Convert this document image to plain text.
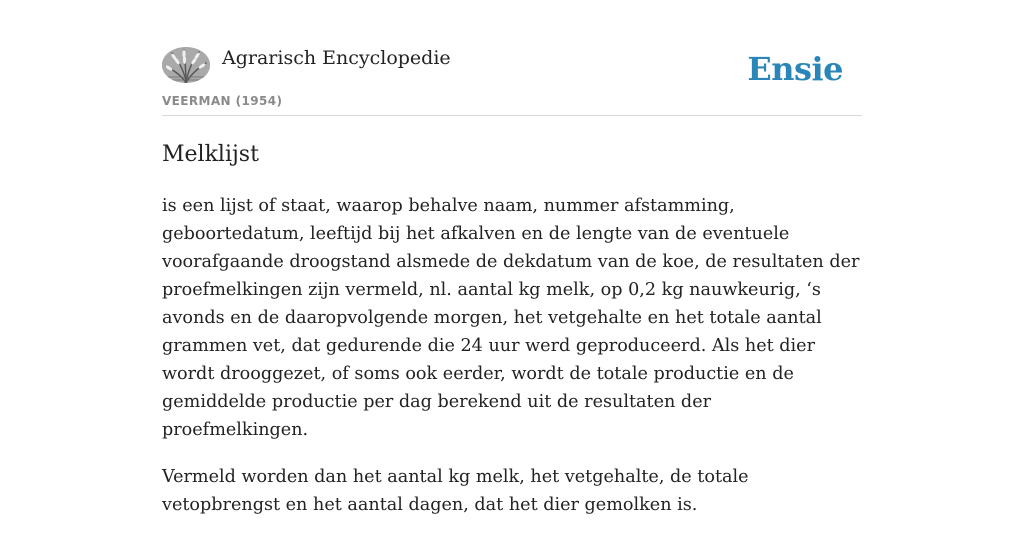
Agrarisch Encyclopedie
VEERMAN (1954)
Ensie
Melklijst

is een lijst of staat, waarop behalve naam, nummer afstamming, geboortedatum, leeftijd bij het afkalven en de lengte van de eventuele voorafgaande droogstand alsmede de dekdatum van de koe, de resultaten der proefmelkingen zijn vermeld, nl. aantal kg melk, op 0,2 kg nauwkeurig, ‘s avonds en de daaropvolgende morgen, het vetgehalte en het totale aantal grammen vet, dat gedurende die 24 uur werd geproduceerd. Als het dier wordt drooggezet, of soms ook eerder, wordt de totale productie en de gemiddelde productie per dag berekend uit de resultaten der proefmelkingen.

Vermeld worden dan het aantal kg melk, het vetgehalte, de totale vetopbrengst en het aantal dagen, dat het dier gemolken is.
